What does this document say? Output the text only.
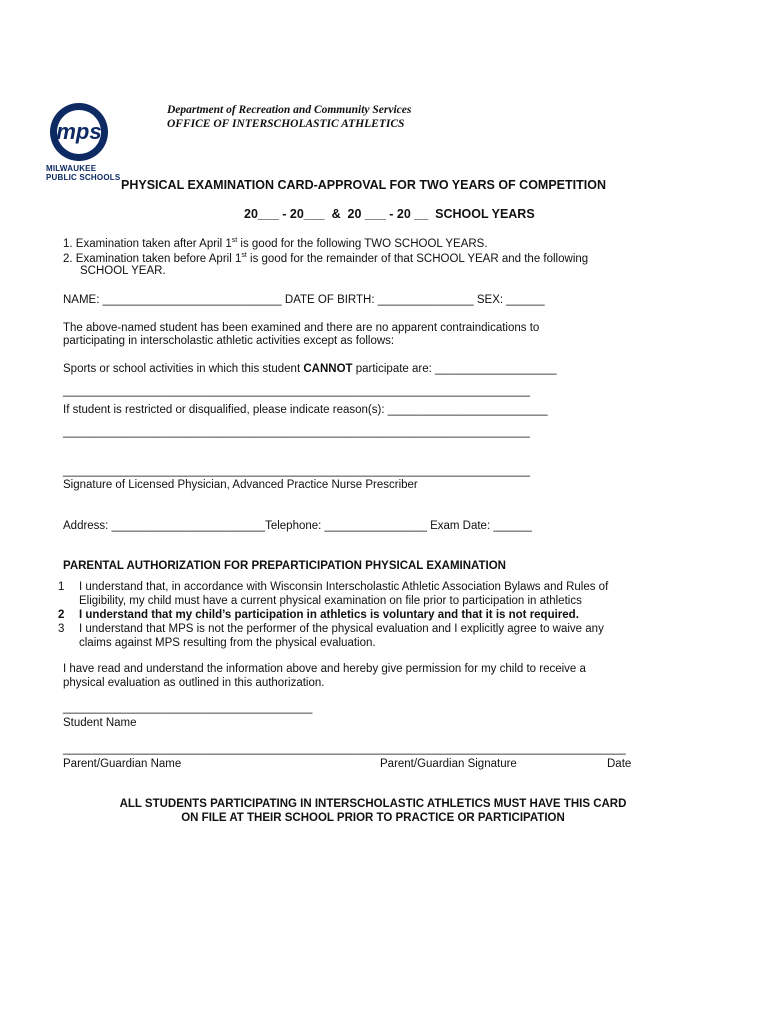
mps
MILWAUKEE
PUBLIC SCHOOLS
Department of Recreation and Community Services
OFFICE OF INTERSCHOLASTIC ATHLETICS
PHYSICAL EXAMINATION CARD-APPROVAL FOR TWO YEARS OF COMPETITION
20___ - 20___  &  20 ___ - 20 __  SCHOOL YEARS
1. Examination taken after April 1st is good for the following TWO SCHOOL YEARS.
2. Examination taken before April 1st is good for the remainder of that SCHOOL YEAR and the following
SCHOOL YEAR.
NAME: ____________________________ DATE OF BIRTH: _______________ SEX: ______
The above-named student has been examined and there are no apparent contraindications to
participating in interscholastic athletic activities except as follows:
Sports or school activities in which this student CANNOT participate are: ___________________
_________________________________________________________________________
If student is restricted or disqualified, please indicate reason(s): _________________________
_________________________________________________________________________
_________________________________________________________________________
Signature of Licensed Physician, Advanced Practice Nurse Prescriber
Address: ________________________Telephone: ________________ Exam Date: ______
PARENTAL AUTHORIZATION FOR PREPARTICIPATION PHYSICAL EXAMINATION
1 I understand that, in accordance with Wisconsin Interscholastic Athletic Association Bylaws and Rules of
Eligibility, my child must have a current physical examination on file prior to participation in athletics
2 I understand that my child’s participation in athletics is voluntary and that it is not required.
3 I understand that MPS is not the performer of the physical evaluation and I explicitly agree to waive any
claims against MPS resulting from the physical evaluation.
I have read and understand the information above and hereby give permission for my child to receive a
physical evaluation as outlined in this authorization.
_______________________________________
Student Name
________________________________________________________________________________________
Parent/Guardian Name	Parent/Guardian Signature	Date
ALL STUDENTS PARTICIPATING IN INTERSCHOLASTIC ATHLETICS MUST HAVE THIS CARD
ON FILE AT THEIR SCHOOL PRIOR TO PRACTICE OR PARTICIPATION
